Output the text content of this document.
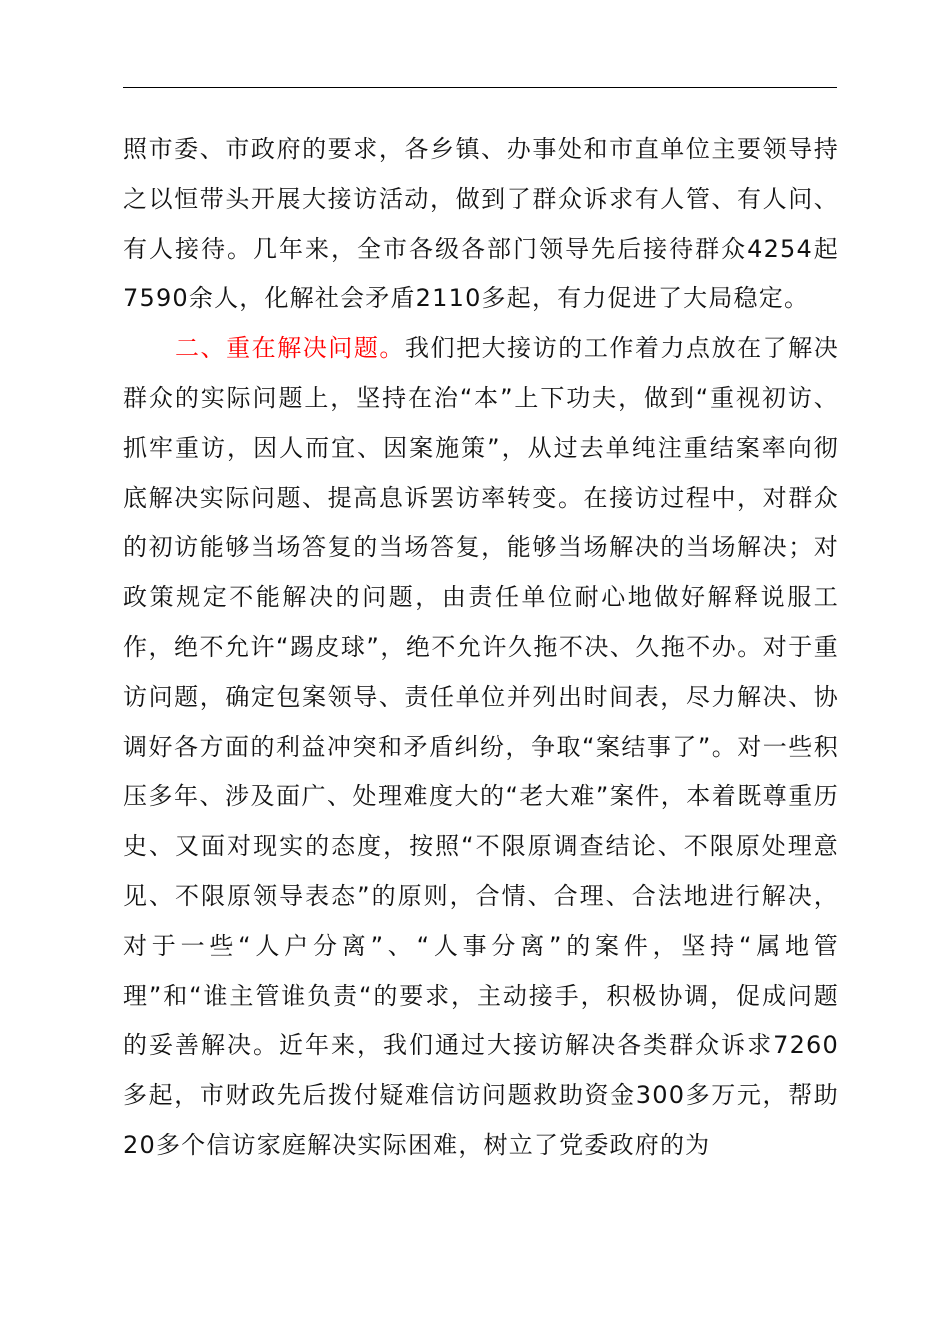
照市委、市政府的要求，各乡镇、办事处和市直单位主要领导持之以恒带头开展大接访活动，做到了群众诉求有人管、有人问、有人接待。几年来，全市各级各部门领导先后接待群众4254起7590余人，化解社会矛盾2110多起，有力促进了大局稳定。

二、重在解决问题。我们把大接访的工作着力点放在了解决群众的实际问题上，坚持在治“本”上下功夫，做到“重视初访、抓牢重访，因人而宜、因案施策”，从过去单纯注重结案率向彻底解决实际问题、提高息诉罢访率转变。在接访过程中，对群众的初访能够当场答复的当场答复，能够当场解决的当场解决；对政策规定不能解决的问题，由责任单位耐心地做好解释说服工作，绝不允许“踢皮球”，绝不允许久拖不决、久拖不办。对于重访问题，确定包案领导、责任单位并列出时间表，尽力解决、协调好各方面的利益冲突和矛盾纠纷，争取“案结事了”。对一些积压多年、涉及面广、处理难度大的“老大难”案件，本着既尊重历史、又面对现实的态度，按照“不限原调查结论、不限原处理意见、不限原领导表态”的原则，合情、合理、合法地进行解决，对于一些“人户分离”、“人事分离”的案件，坚持“属地管理”和“谁主管谁负责“的要求，主动接手，积极协调，促成问题的妥善解决。近年来，我们通过大接访解决各类群众诉求7260多起，市财政先后拨付疑难信访问题救助资金300多万元，帮助20多个信访家庭解决实际困难，树立了党委政府的为
